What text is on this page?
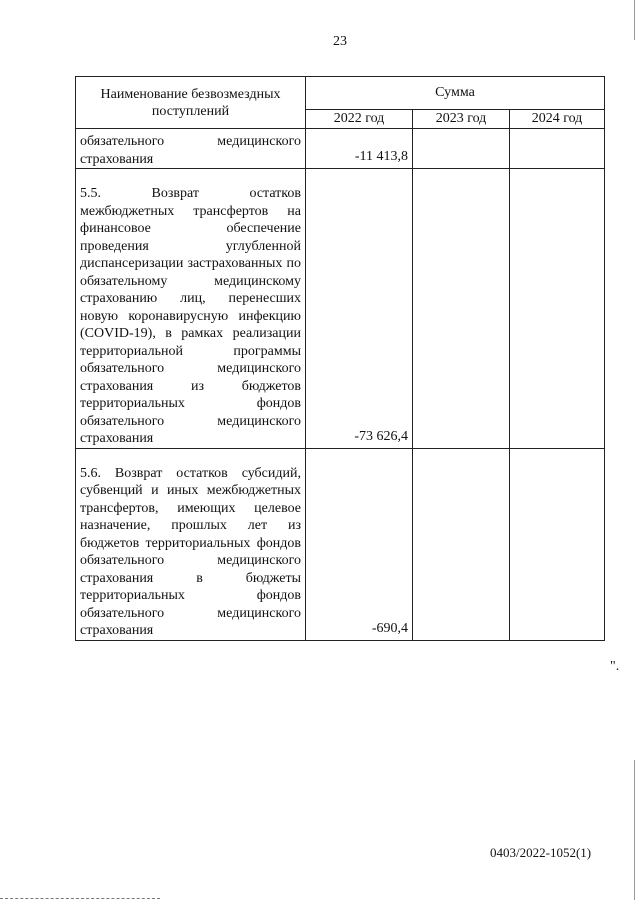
23
Наименование безвозмездных поступлений	Сумма		
	2022 год	2023 год	2024 год
обязательного медицинского страхования	-11 413,8		
5.5. Возврат остатков межбюджетных трансфертов на финансовое обеспечение проведения углубленной диспансеризации застрахованных по обязательному медицинскому страхованию лиц, перенесших новую коронавирусную инфекцию (COVID-19), в рамках реализации территориальной программы обязательного медицинского страхования из бюджетов территориальных фондов обязательного медицинского страхования	-73 626,4		
5.6. Возврат остатков субсидий, субвенций и иных межбюджетных трансфертов, имеющих целевое назначение, прошлых лет из бюджетов территориальных фондов обязательного медицинского страхования в бюджеты территориальных фондов обязательного медицинского страхования	-690,4		
".
0403/2022-1052(1)
